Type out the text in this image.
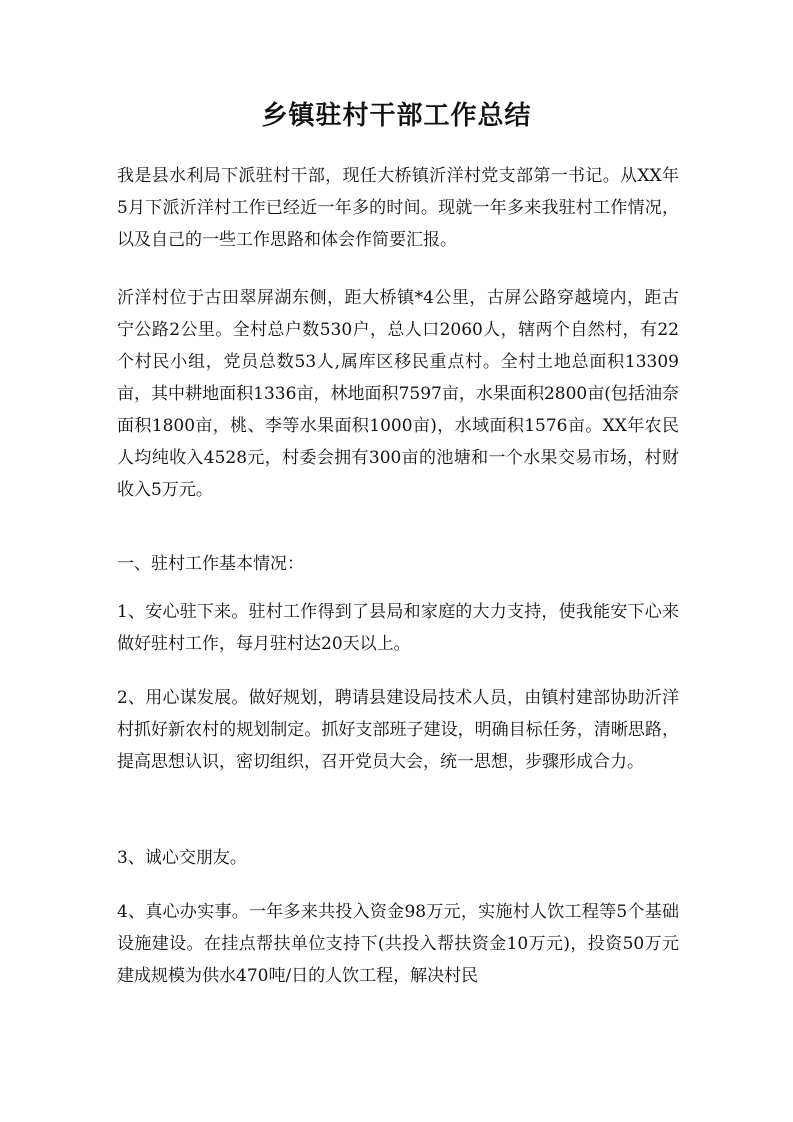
乡镇驻村干部工作总结

我是县水利局下派驻村干部，现任大桥镇沂洋村党支部第一书记。从XX年5月下派沂洋村工作已经近一年多的时间。现就一年多来我驻村工作情况，以及自己的一些工作思路和体会作简要汇报。

沂洋村位于古田翠屏湖东侧，距大桥镇*4公里，古屏公路穿越境内，距古宁公路2公里。全村总户数530户，总人口2060人，辖两个自然村，有22个村民小组，党员总数53人,属库区移民重点村。全村土地总面积13309亩，其中耕地面积1336亩，林地面积7597亩，水果面积2800亩(包括油奈面积1800亩，桃、李等水果面积1000亩)，水域面积1576亩。XX年农民人均纯收入4528元，村委会拥有300亩的池塘和一个水果交易市场，村财收入5万元。

一、驻村工作基本情况：

1、安心驻下来。驻村工作得到了县局和家庭的大力支持，使我能安下心来做好驻村工作，每月驻村达20天以上。

2、用心谋发展。做好规划，聘请县建设局技术人员，由镇村建部协助沂洋村抓好新农村的规划制定。抓好支部班子建设，明确目标任务，清晰思路，提高思想认识，密切组织，召开党员大会，统一思想，步骤形成合力。

3、诚心交朋友。

4、真心办实事。一年多来共投入资金98万元，实施村人饮工程等5个基础设施建设。在挂点帮扶单位支持下(共投入帮扶资金10万元)，投资50万元建成规模为供水470吨/日的人饮工程，解决村民
